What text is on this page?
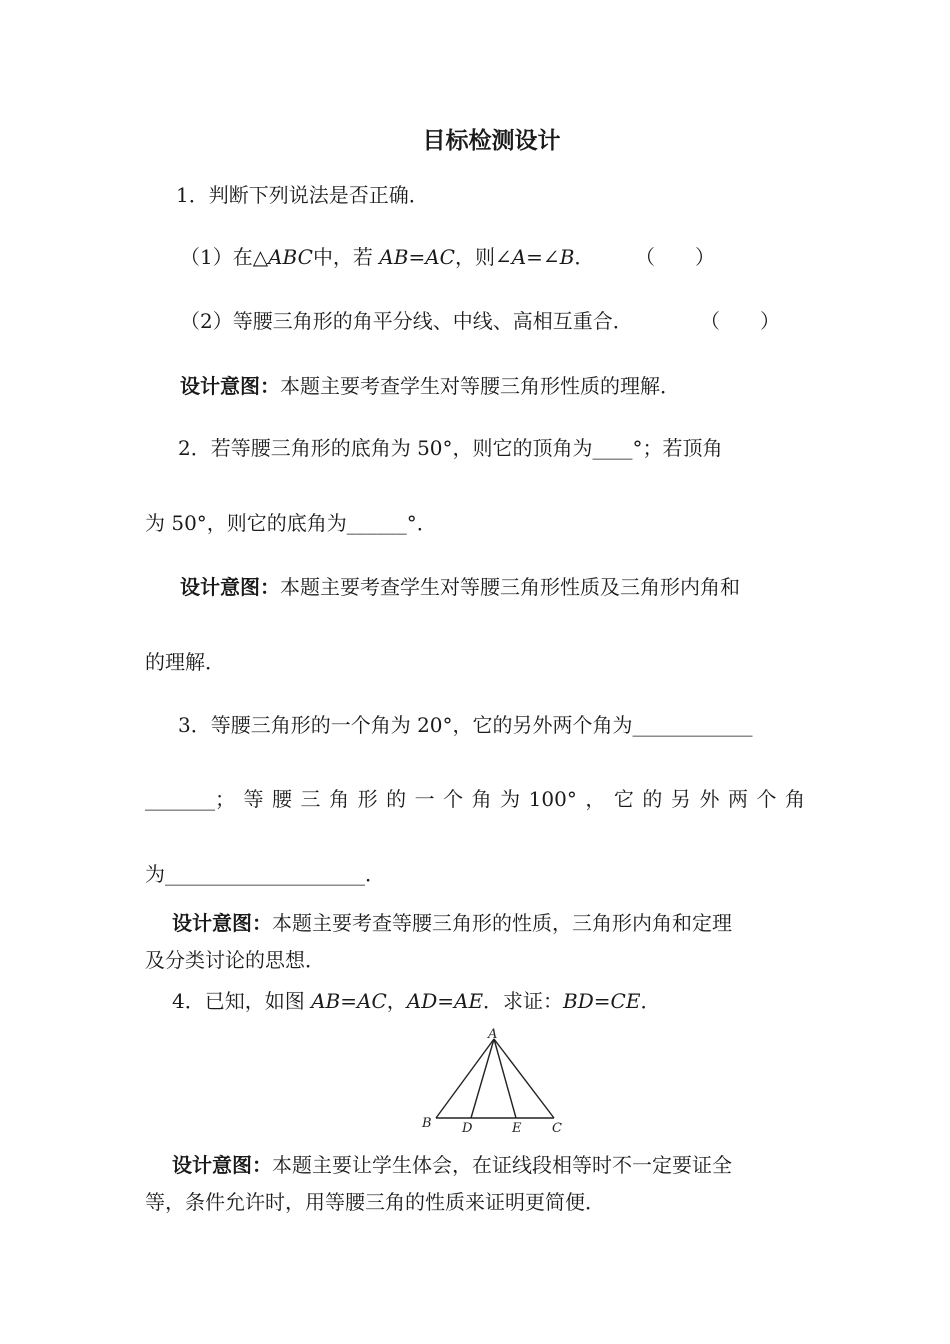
目标检测设计
1．判断下列说法是否正确．
（1）在△ABC中，若 AB=AC，则∠A=∠B． （　　）
（2）等腰三角形的角平分线、中线、高相互重合．	（　　）
设计意图：本题主要考查学生对等腰三角形性质的理解．
2．若等腰三角形的底角为 50°，则它的顶角为____°；若顶角
为 50°，则它的底角为______°．
设计意图：本题主要考查学生对等腰三角形性质及三角形内角和
的理解．
3．等腰三角形的一个角为 20°，它的另外两个角为____________
_______； 等 腰 三 角 形 的 一 个 角 为 100° ， 它 的 另 外 两 个 角
为____________________．
设计意图：本题主要考查等腰三角形的性质，三角形内角和定理
及分类讨论的思想．
4．已知，如图 AB=AC，AD=AE．求证：BD=CE．
A
B D	E C
设计意图：本题主要让学生体会，在证线段相等时不一定要证全
等，条件允许时，用等腰三角的性质来证明更简便．
